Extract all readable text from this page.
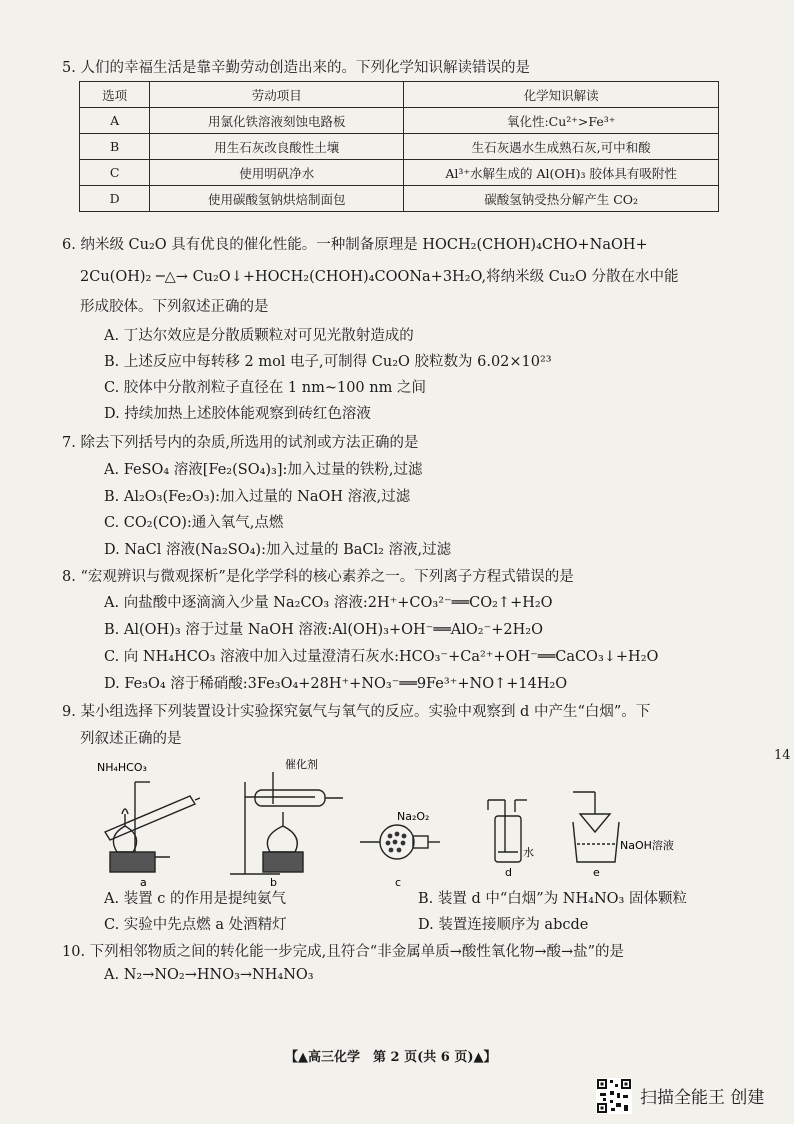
5. 人们的幸福生活是靠辛勤劳动创造出来的。下列化学知识解读错误的是
选项	劳动项目	化学知识解读
A	用氯化铁溶液刻蚀电路板	氧化性:Cu²⁺>Fe³⁺
B	用生石灰改良酸性土壤	生石灰遇水生成熟石灰,可中和酸
C	使用明矾净水	Al³⁺水解生成的 Al(OH)₃ 胶体具有吸附性
D	使用碳酸氢钠烘焙制面包	碳酸氢钠受热分解产生 CO₂
6. 纳米级 Cu₂O 具有优良的催化性能。一种制备原理是 HOCH₂(CHOH)₄CHO+NaOH+
2Cu(OH)₂ ─△→ Cu₂O↓+HOCH₂(CHOH)₄COONa+3H₂O,将纳米级 Cu₂O 分散在水中能
形成胶体。下列叙述正确的是
A. 丁达尔效应是分散质颗粒对可见光散射造成的
B. 上述反应中每转移 2 mol 电子,可制得 Cu₂O 胶粒数为 6.02×10²³
C. 胶体中分散剂粒子直径在 1 nm~100 nm 之间
D. 持续加热上述胶体能观察到砖红色溶液
7. 除去下列括号内的杂质,所选用的试剂或方法正确的是
A. FeSO₄ 溶液[Fe₂(SO₄)₃]:加入过量的铁粉,过滤
B. Al₂O₃(Fe₂O₃):加入过量的 NaOH 溶液,过滤
C. CO₂(CO):通入氧气,点燃
D. NaCl 溶液(Na₂SO₄):加入过量的 BaCl₂ 溶液,过滤
8. “宏观辨识与微观探析”是化学学科的核心素养之一。下列离子方程式错误的是
A. 向盐酸中逐滴滴入少量 Na₂CO₃ 溶液:2H⁺+CO₃²⁻══CO₂↑+H₂O
B. Al(OH)₃ 溶于过量 NaOH 溶液:Al(OH)₃+OH⁻══AlO₂⁻+2H₂O
C. 向 NH₄HCO₃ 溶液中加入过量澄清石灰水:HCO₃⁻+Ca²⁺+OH⁻══CaCO₃↓+H₂O
D. Fe₃O₄ 溶于稀硝酸:3Fe₃O₄+28H⁺+NO₃⁻══9Fe³⁺+NO↑+14H₂O
9. 某小组选择下列装置设计实验探究氨气与氧气的反应。实验中观察到 d 中产生“白烟”。下
列叙述正确的是
NH₄HCO₃	催化剂
Na₂O₂
水
NaOH溶液
a	b	c
d	e
A. 装置 c 的作用是提纯氨气	B. 装置 d 中“白烟”为 NH₄NO₃ 固体颗粒
C. 实验中先点燃 a 处酒精灯	D. 装置连接顺序为 abcde
10. 下列相邻物质之间的转化能一步完成,且符合“非金属单质→酸性氧化物→酸→盐”的是
A. N₂→NO₂→HNO₃→NH₄NO₃
【▲高三化学　第 2 页(共 6 页)▲】
14
扫描全能王 创建
